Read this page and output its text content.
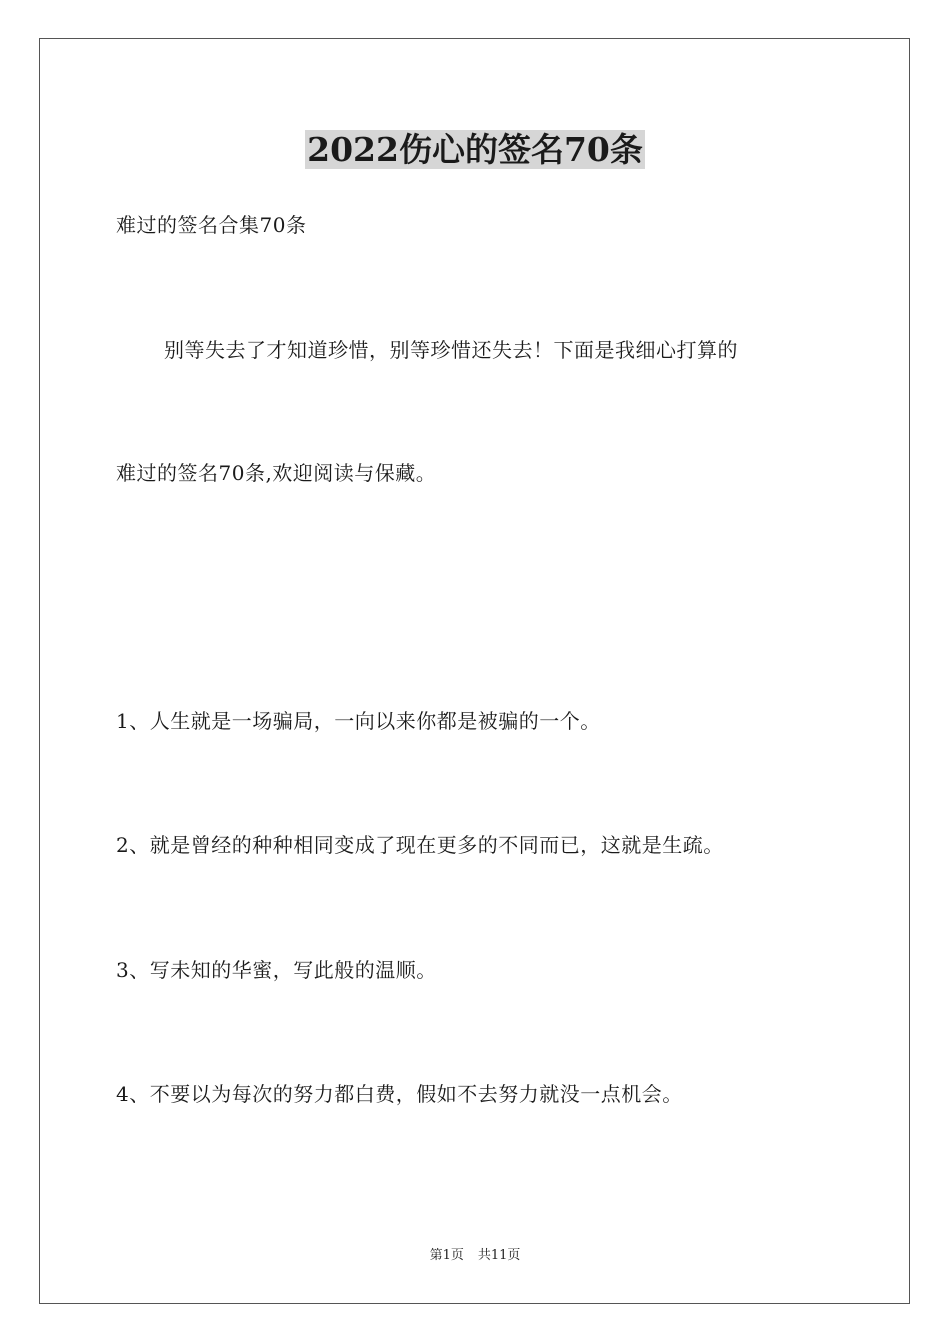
2022伤心的签名70条

难过的签名合集70条

别等失去了才知道珍惜，别等珍惜还失去！下面是我细心打算的

难过的签名70条,欢迎阅读与保藏。

1、人生就是一场骗局，一向以来你都是被骗的一个。

2、就是曾经的种种相同变成了现在更多的不同而已，这就是生疏。

3、写未知的华蜜，写此般的温顺。

4、不要以为每次的努力都白费，假如不去努力就没一点机会。

第1页 共11页
